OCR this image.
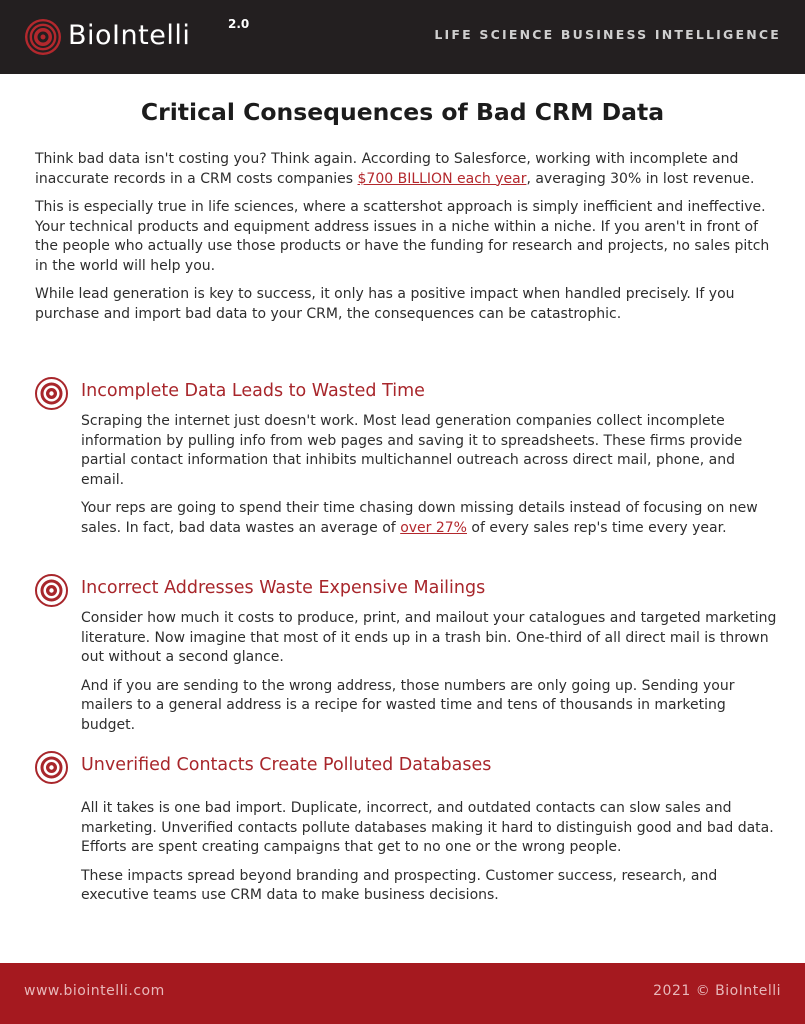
BioIntelli	2.0
LIFE SCIENCE BUSINESS INTELLIGENCE
Critical Consequences of Bad CRM Data

Think bad data isn't costing you? Think again. According to Salesforce, working with incomplete and inaccurate records in a CRM costs companies $700 BILLION each year, averaging 30% in lost revenue.

This is especially true in life sciences, where a scattershot approach is simply inefficient and ineffective. Your technical products and equipment address issues in a niche within a niche. If you aren't in front of the people who actually use those products or have the funding for research and projects, no sales pitch in the world will help you.

While lead generation is key to success, it only has a positive impact when handled precisely. If you purchase and import bad data to your CRM, the consequences can be catastrophic.

Incomplete Data Leads to Wasted Time

Scraping the internet just doesn't work. Most lead generation companies collect incomplete information by pulling info from web pages and saving it to spreadsheets. These firms provide partial contact information that inhibits multichannel outreach across direct mail, phone, and email.

Your reps are going to spend their time chasing down missing details instead of focusing on new sales. In fact, bad data wastes an average of over 27% of every sales rep's time every year.

Incorrect Addresses Waste Expensive Mailings

Consider how much it costs to produce, print, and mailout your catalogues and targeted marketing literature. Now imagine that most of it ends up in a trash bin. One-third of all direct mail is thrown out without a second glance.

And if you are sending to the wrong address, those numbers are only going up. Sending your mailers to a general address is a recipe for wasted time and tens of thousands in marketing budget.

Unverified Contacts Create Polluted Databases

All it takes is one bad import. Duplicate, incorrect, and outdated contacts can slow sales and marketing. Unverified contacts pollute databases making it hard to distinguish good and bad data. Efforts are spent creating campaigns that get to no one or the wrong people.

These impacts spread beyond branding and prospecting. Customer success, research, and executive teams use CRM data to make business decisions.

www.biointelli.com	2021 © BioIntelli
